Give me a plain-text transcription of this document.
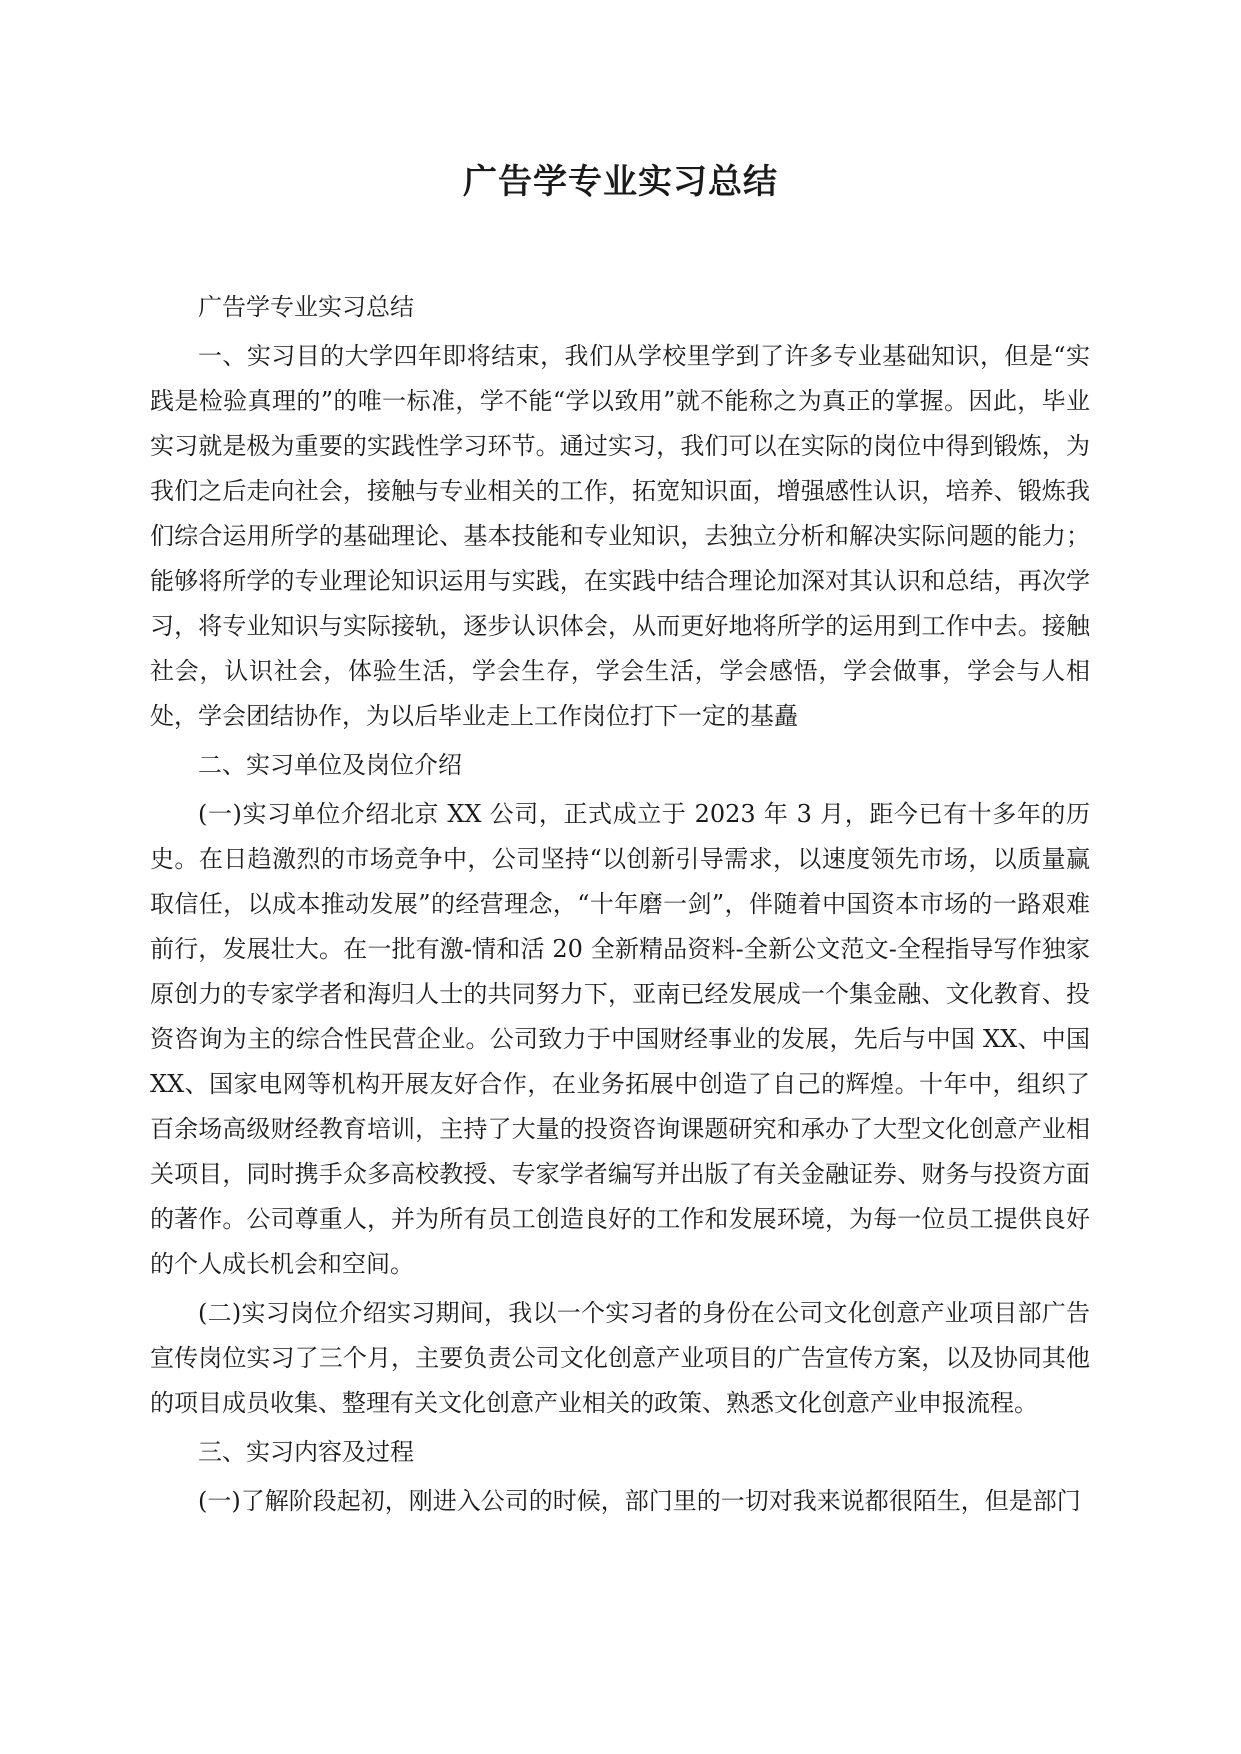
广告学专业实习总结

广告学专业实习总结

一、实习目的大学四年即将结束，我们从学校里学到了许多专业基础知识，但是“实践是检验真理的”的唯一标准，学不能“学以致用”就不能称之为真正的掌握。因此，毕业实习就是极为重要的实践性学习环节。通过实习，我们可以在实际的岗位中得到锻炼，为我们之后走向社会，接触与专业相关的工作，拓宽知识面，增强感性认识，培养、锻炼我们综合运用所学的基础理论、基本技能和专业知识，去独立分析和解决实际问题的能力；能够将所学的专业理论知识运用与实践，在实践中结合理论加深对其认识和总结，再次学习，将专业知识与实际接轨，逐步认识体会，从而更好地将所学的运用到工作中去。接触社会，认识社会，体验生活，学会生存，学会生活，学会感悟，学会做事，学会与人相处，学会团结协作，为以后毕业走上工作岗位打下一定的基矗

二、实习单位及岗位介绍

(一)实习单位介绍北京 XX 公司，正式成立于 2023 年 3 月，距今已有十多年的历史。在日趋激烈的市场竞争中，公司坚持“以创新引导需求，以速度领先市场，以质量赢取信任，以成本推动发展”的经营理念，“十年磨一剑”，伴随着中国资本市场的一路艰难前行，发展壮大。在一批有激-情和活 20 全新精品资料-全新公文范文-全程指导写作独家原创力的专家学者和海归人士的共同努力下，亚南已经发展成一个集金融、文化教育、投资咨询为主的综合性民营企业。公司致力于中国财经事业的发展，先后与中国 XX、中国 XX、国家电网等机构开展友好合作，在业务拓展中创造了自己的辉煌。十年中，组织了百余场高级财经教育培训，主持了大量的投资咨询课题研究和承办了大型文化创意产业相关项目，同时携手众多高校教授、专家学者编写并出版了有关金融证券、财务与投资方面的著作。公司尊重人，并为所有员工创造良好的工作和发展环境，为每一位员工提供良好的个人成长机会和空间。

(二)实习岗位介绍实习期间，我以一个实习者的身份在公司文化创意产业项目部广告宣传岗位实习了三个月，主要负责公司文化创意产业项目的广告宣传方案，以及协同其他的项目成员收集、整理有关文化创意产业相关的政策、熟悉文化创意产业申报流程。

三、实习内容及过程

(一)了解阶段起初，刚进入公司的时候，部门里的一切对我来说都很陌生，但是部门
